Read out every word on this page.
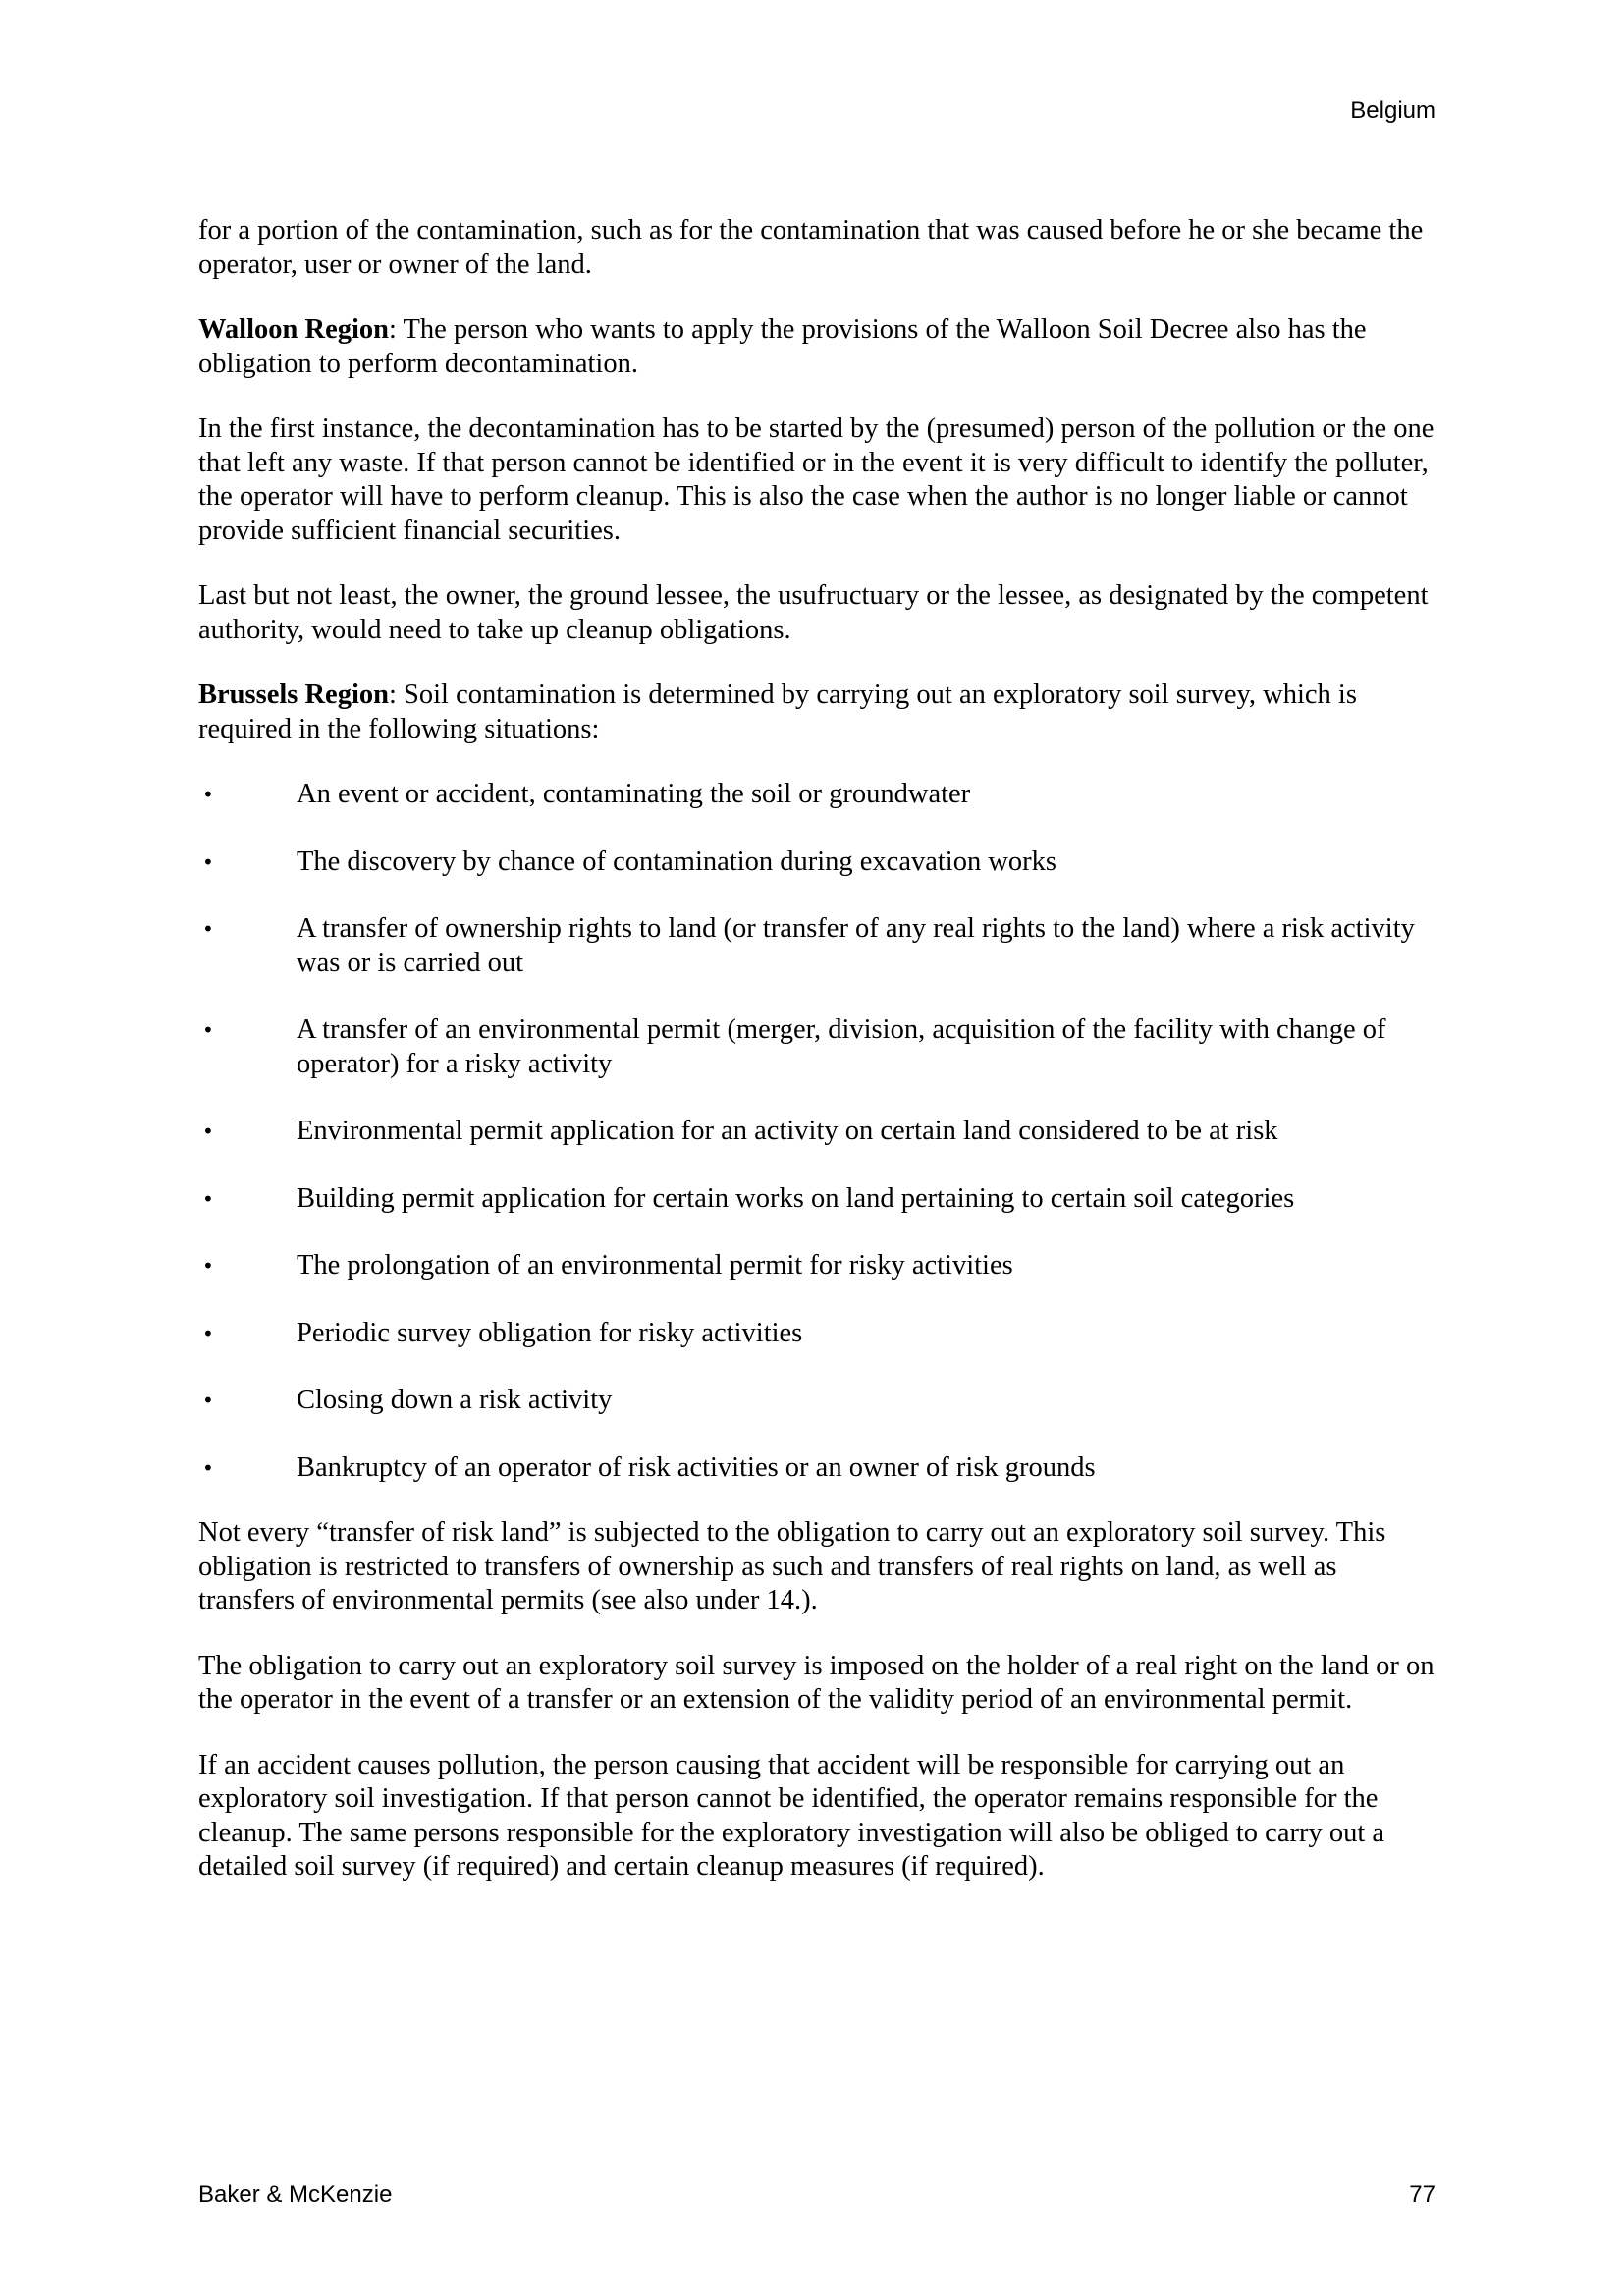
Belgium

for a portion of the contamination, such as for the contamination that was caused before he or she became the operator, user or owner of the land.

Walloon Region: The person who wants to apply the provisions of the Walloon Soil Decree also has the obligation to perform decontamination.

In the first instance, the decontamination has to be started by the (presumed) person of the pollution or the one that left any waste. If that person cannot be identified or in the event it is very difficult to identify the polluter, the operator will have to perform cleanup. This is also the case when the author is no longer liable or cannot provide sufficient financial securities.

Last but not least, the owner, the ground lessee, the usufructuary or the lessee, as designated by the competent authority, would need to take up cleanup obligations.

Brussels Region: Soil contamination is determined by carrying out an exploratory soil survey, which is required in the following situations:

•	An event or accident, contaminating the soil or groundwater
•	The discovery by chance of contamination during excavation works
•	A transfer of ownership rights to land (or transfer of any real rights to the land) where a risk activity was or is carried out
•	A transfer of an environmental permit (merger, division, acquisition of the facility with change of operator) for a risky activity
•	Environmental permit application for an activity on certain land considered to be at risk
•	Building permit application for certain works on land pertaining to certain soil categories
•	The prolongation of an environmental permit for risky activities
•	Periodic survey obligation for risky activities
•	Closing down a risk activity
•	Bankruptcy of an operator of risk activities or an owner of risk grounds

Not every “transfer of risk land” is subjected to the obligation to carry out an exploratory soil survey. This obligation is restricted to transfers of ownership as such and transfers of real rights on land, as well as transfers of environmental permits (see also under 14.).

The obligation to carry out an exploratory soil survey is imposed on the holder of a real right on the land or on the operator in the event of a transfer or an extension of the validity period of an environmental permit.

If an accident causes pollution, the person causing that accident will be responsible for carrying out an exploratory soil investigation. If that person cannot be identified, the operator remains responsible for the cleanup. The same persons responsible for the exploratory investigation will also be obliged to carry out a detailed soil survey (if required) and certain cleanup measures (if required).

Baker & McKenzie	77
